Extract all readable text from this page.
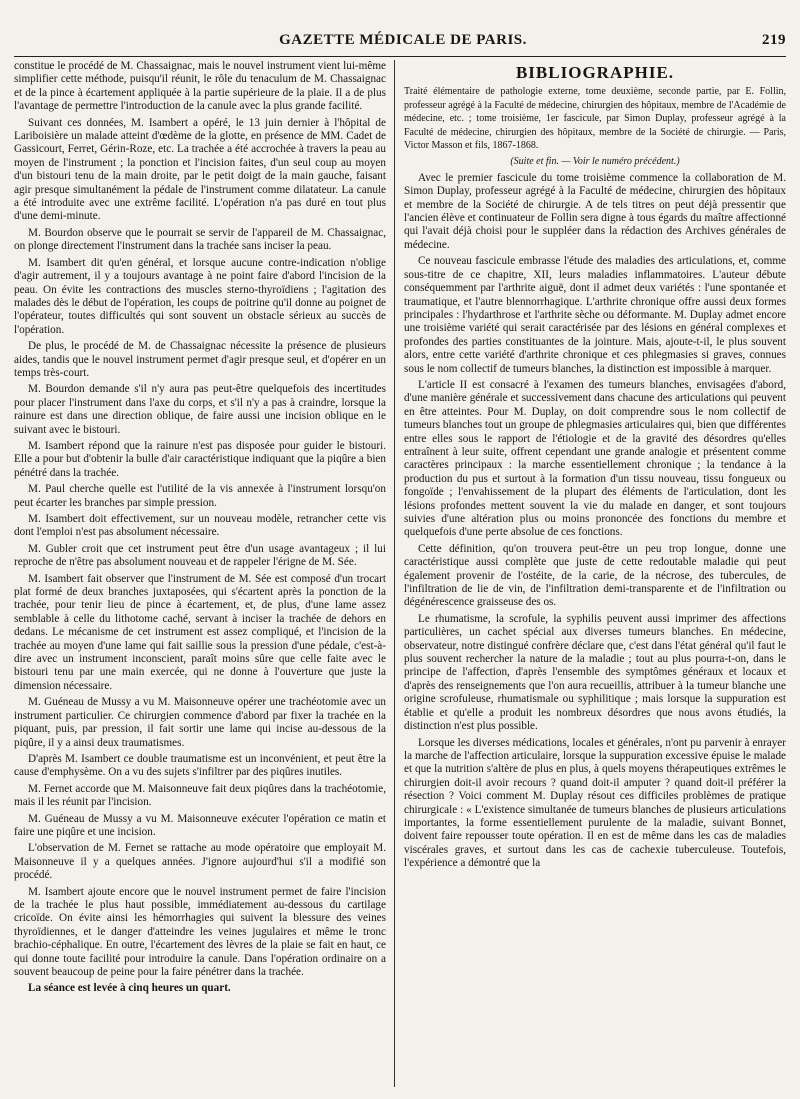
GAZETTE MÉDICALE DE PARIS.	219

constitue le procédé de M. Chassaignac, mais le nouvel instrument vient lui-même simplifier cette méthode, puisqu'il réunit, le rôle du tenaculum de M. Chassaignac et de la pince à écartement appliquée à la partie supérieure de la plaie. Il a de plus l'avantage de permettre l'introduction de la canule avec la plus grande facilité.

Suivant ces données, M. Isambert a opéré, le 13 juin dernier à l'hôpital de Lariboisière un malade atteint d'œdème de la glotte, en présence de MM. Cadet de Gassicourt, Ferret, Gérin-Roze, etc. La trachée a été accrochée à travers la peau au moyen de l'instrument ; la ponction et l'incision faites, d'un seul coup au moyen d'un bistouri tenu de la main droite, par le petit doigt de la main gauche, faisant agir presque simultanément la pédale de l'instrument comme dilatateur. La canule a été introduite avec une extrême facilité. L'opération n'a pas duré en tout plus d'une demi-minute.

M. Bourdon observe que le pourrait se servir de l'appareil de M. Chassaignac, on plonge directement l'instrument dans la trachée sans inciser la peau.

M. Isambert dit qu'en général, et lorsque aucune contre-indication n'oblige d'agir autrement, il y a toujours avantage à ne point faire d'abord l'incision de la peau. On évite les contractions des muscles sterno-thyroïdiens ; l'agitation des malades dès le début de l'opération, les coups de poitrine qu'il donne au poignet de l'opérateur, toutes difficultés qui sont souvent un obstacle sérieux au succès de l'opération.

De plus, le procédé de M. de Chassaignac nécessite la présence de plusieurs aides, tandis que le nouvel instrument permet d'agir presque seul, et d'opérer en un temps très-court.

M. Bourdon demande s'il n'y aura pas peut-être quelquefois des incertitudes pour placer l'instrument dans l'axe du corps, et s'il n'y a pas à craindre, lorsque la rainure est dans une direction oblique, de faire aussi une incision oblique en le suivant avec le bistouri.

M. Isambert répond que la rainure n'est pas disposée pour guider le bistouri. Elle a pour but d'obtenir la bulle d'air caractéristique indiquant que la piqûre a bien pénétré dans la trachée.

M. Paul cherche quelle est l'utilité de la vis annexée à l'instrument lorsqu'on peut écarter les branches par simple pression.

M. Isambert doit effectivement, sur un nouveau modèle, retrancher cette vis dont l'emploi n'est pas absolument nécessaire.

M. Gubler croit que cet instrument peut être d'un usage avantageux ; il lui reproche de n'être pas absolument nouveau et de rappeler l'érigne de M. Sée.

M. Isambert fait observer que l'instrument de M. Sée est composé d'un trocart plat formé de deux branches juxtaposées, qui s'écartent après la ponction de la trachée, pour tenir lieu de pince à écartement, et, de plus, d'une lame assez semblable à celle du lithotome caché, servant à inciser la trachée de dehors en dedans. Le mécanisme de cet instrument est assez compliqué, et l'incision de la trachée au moyen d'une lame qui fait saillie sous la pression d'une pédale, c'est-à-dire avec un instrument inconscient, paraît moins sûre que celle faite avec le bistouri tenu par une main exercée, qui ne donne à l'ouverture que juste la dimension nécessaire.

M. Guéneau de Mussy a vu M. Maisonneuve opérer une trachéotomie avec un instrument particulier. Ce chirurgien commence d'abord par fixer la trachée en la piquant, puis, par pression, il fait sortir une lame qui incise au-dessous de la piqûre, il y a ainsi deux traumatismes.

D'après M. Isambert ce double traumatisme est un inconvénient, et peut être la cause d'emphysème. On a vu des sujets s'infiltrer par des piqûres inutiles.

M. Fernet accorde que M. Maisonneuve fait deux piqûres dans la trachéotomie, mais il les réunit par l'incision.

M. Guéneau de Mussy a vu M. Maisonneuve exécuter l'opération ce matin et faire une piqûre et une incision.

L'observation de M. Fernet se rattache au mode opératoire que employait M. Maisonneuve il y a quelques années. J'ignore aujourd'hui s'il a modifié son procédé.

M. Isambert ajoute encore que le nouvel instrument permet de faire l'incision de la trachée le plus haut possible, immédiatement au-dessous du cartilage cricoïde. On évite ainsi les hémorrhagies qui suivent la blessure des veines thyroïdiennes, et le danger d'atteindre les veines jugulaires et même le tronc brachio-céphalique. En outre, l'écartement des lèvres de la plaie se fait en haut, ce qui donne toute facilité pour introduire la canule. Dans l'opération ordinaire on a souvent beaucoup de peine pour la faire pénétrer dans la trachée.

La séance est levée à cinq heures un quart.

BIBLIOGRAPHIE.

Traité élémentaire de pathologie externe, tome deuxième, seconde partie, par E. Follin, professeur agrégé à la Faculté de médecine, chirurgien des hôpitaux, membre de l'Académie de médecine, etc. ; tome troisième, 1er fascicule, par Simon Duplay, professeur agrégé à la Faculté de médecine, chirurgien des hôpitaux, membre de la Société de chirurgie. — Paris, Victor Masson et fils, 1867-1868.

(Suite et fin. — Voir le numéro précédent.)

Avec le premier fascicule du tome troisième commence la collaboration de M. Simon Duplay, professeur agrégé à la Faculté de médecine, chirurgien des hôpitaux et membre de la Société de chirurgie. A de tels titres on peut déjà pressentir que l'ancien élève et continuateur de Follin sera digne à tous égards du maître affectionné qui l'avait déjà choisi pour le suppléer dans la rédaction des Archives générales de médecine.

Ce nouveau fascicule embrasse l'étude des maladies des articulations, et, comme sous-titre de ce chapitre, XII, leurs maladies inflammatoires. L'auteur débute conséquemment par l'arthrite aiguë, dont il admet deux variétés : l'une spontanée et traumatique, et l'autre blennorrhagique. L'arthrite chronique offre aussi deux formes principales : l'hydarthrose et l'arthrite sèche ou déformante. M. Duplay admet encore une troisième variété qui serait caractérisée par des lésions en général complexes et profondes des parties constituantes de la jointure. Mais, ajoute-t-il, le plus souvent alors, entre cette variété d'arthrite chronique et ces phlegmasies si graves, connues sous le nom collectif de tumeurs blanches, la distinction est impossible à marquer.

L'article II est consacré à l'examen des tumeurs blanches, envisagées d'abord, d'une manière générale et successivement dans chacune des articulations qui peuvent en être atteintes. Pour M. Duplay, on doit comprendre sous le nom collectif de tumeurs blanches tout un groupe de phlegmasies articulaires qui, bien que différentes entre elles sous le rapport de l'étiologie et de la gravité des désordres qu'elles entraînent à leur suite, offrent cependant une grande analogie et présentent comme caractères principaux : la marche essentiellement chronique ; la tendance à la production du pus et surtout à la formation d'un tissu nouveau, tissu fongueux ou fongoïde ; l'envahissement de la plupart des éléments de l'articulation, dont les lésions profondes mettent souvent la vie du malade en danger, et sont toujours suivies d'une altération plus ou moins prononcée des fonctions du membre et quelquefois d'une perte absolue de ces fonctions.

Cette définition, qu'on trouvera peut-être un peu trop longue, donne une caractéristique aussi complète que juste de cette redoutable maladie qui peut également provenir de l'ostéite, de la carie, de la nécrose, des tubercules, de l'infiltration de lie de vin, de l'infiltration demi-transparente et de l'infiltration ou dégénérescence graisseuse des os.

Le rhumatisme, la scrofule, la syphilis peuvent aussi imprimer des affections particulières, un cachet spécial aux diverses tumeurs blanches. En médecine, observateur, notre distingué confrère déclare que, c'est dans l'état général qu'il faut le plus souvent rechercher la nature de la maladie ; tout au plus pourra-t-on, dans le principe de l'affection, d'après l'ensemble des symptômes généraux et locaux et d'après des renseignements que l'on aura recueillis, attribuer à la tumeur blanche une origine scrofuleuse, rhumatismale ou syphilitique ; mais lorsque la suppuration est établie et qu'elle a produit les nombreux désordres que nous avons étudiés, la distinction n'est plus possible.

Lorsque les diverses médications, locales et générales, n'ont pu parvenir à enrayer la marche de l'affection articulaire, lorsque la suppuration excessive épuise le malade et que la nutrition s'altère de plus en plus, à quels moyens thérapeutiques extrêmes le chirurgien doit-il avoir recours ? quand doit-il amputer ? quand doit-il préférer la résection ? Voici comment M. Duplay résout ces difficiles problèmes de pratique chirurgicale : « L'existence simultanée de tumeurs blanches de plusieurs articulations importantes, la forme essentiellement purulente de la maladie, suivant Bonnet, doivent faire repousser toute opération. Il en est de même dans les cas de maladies viscérales graves, et surtout dans les cas de cachexie tuberculeuse. Toutefois, l'expérience a démontré que la
